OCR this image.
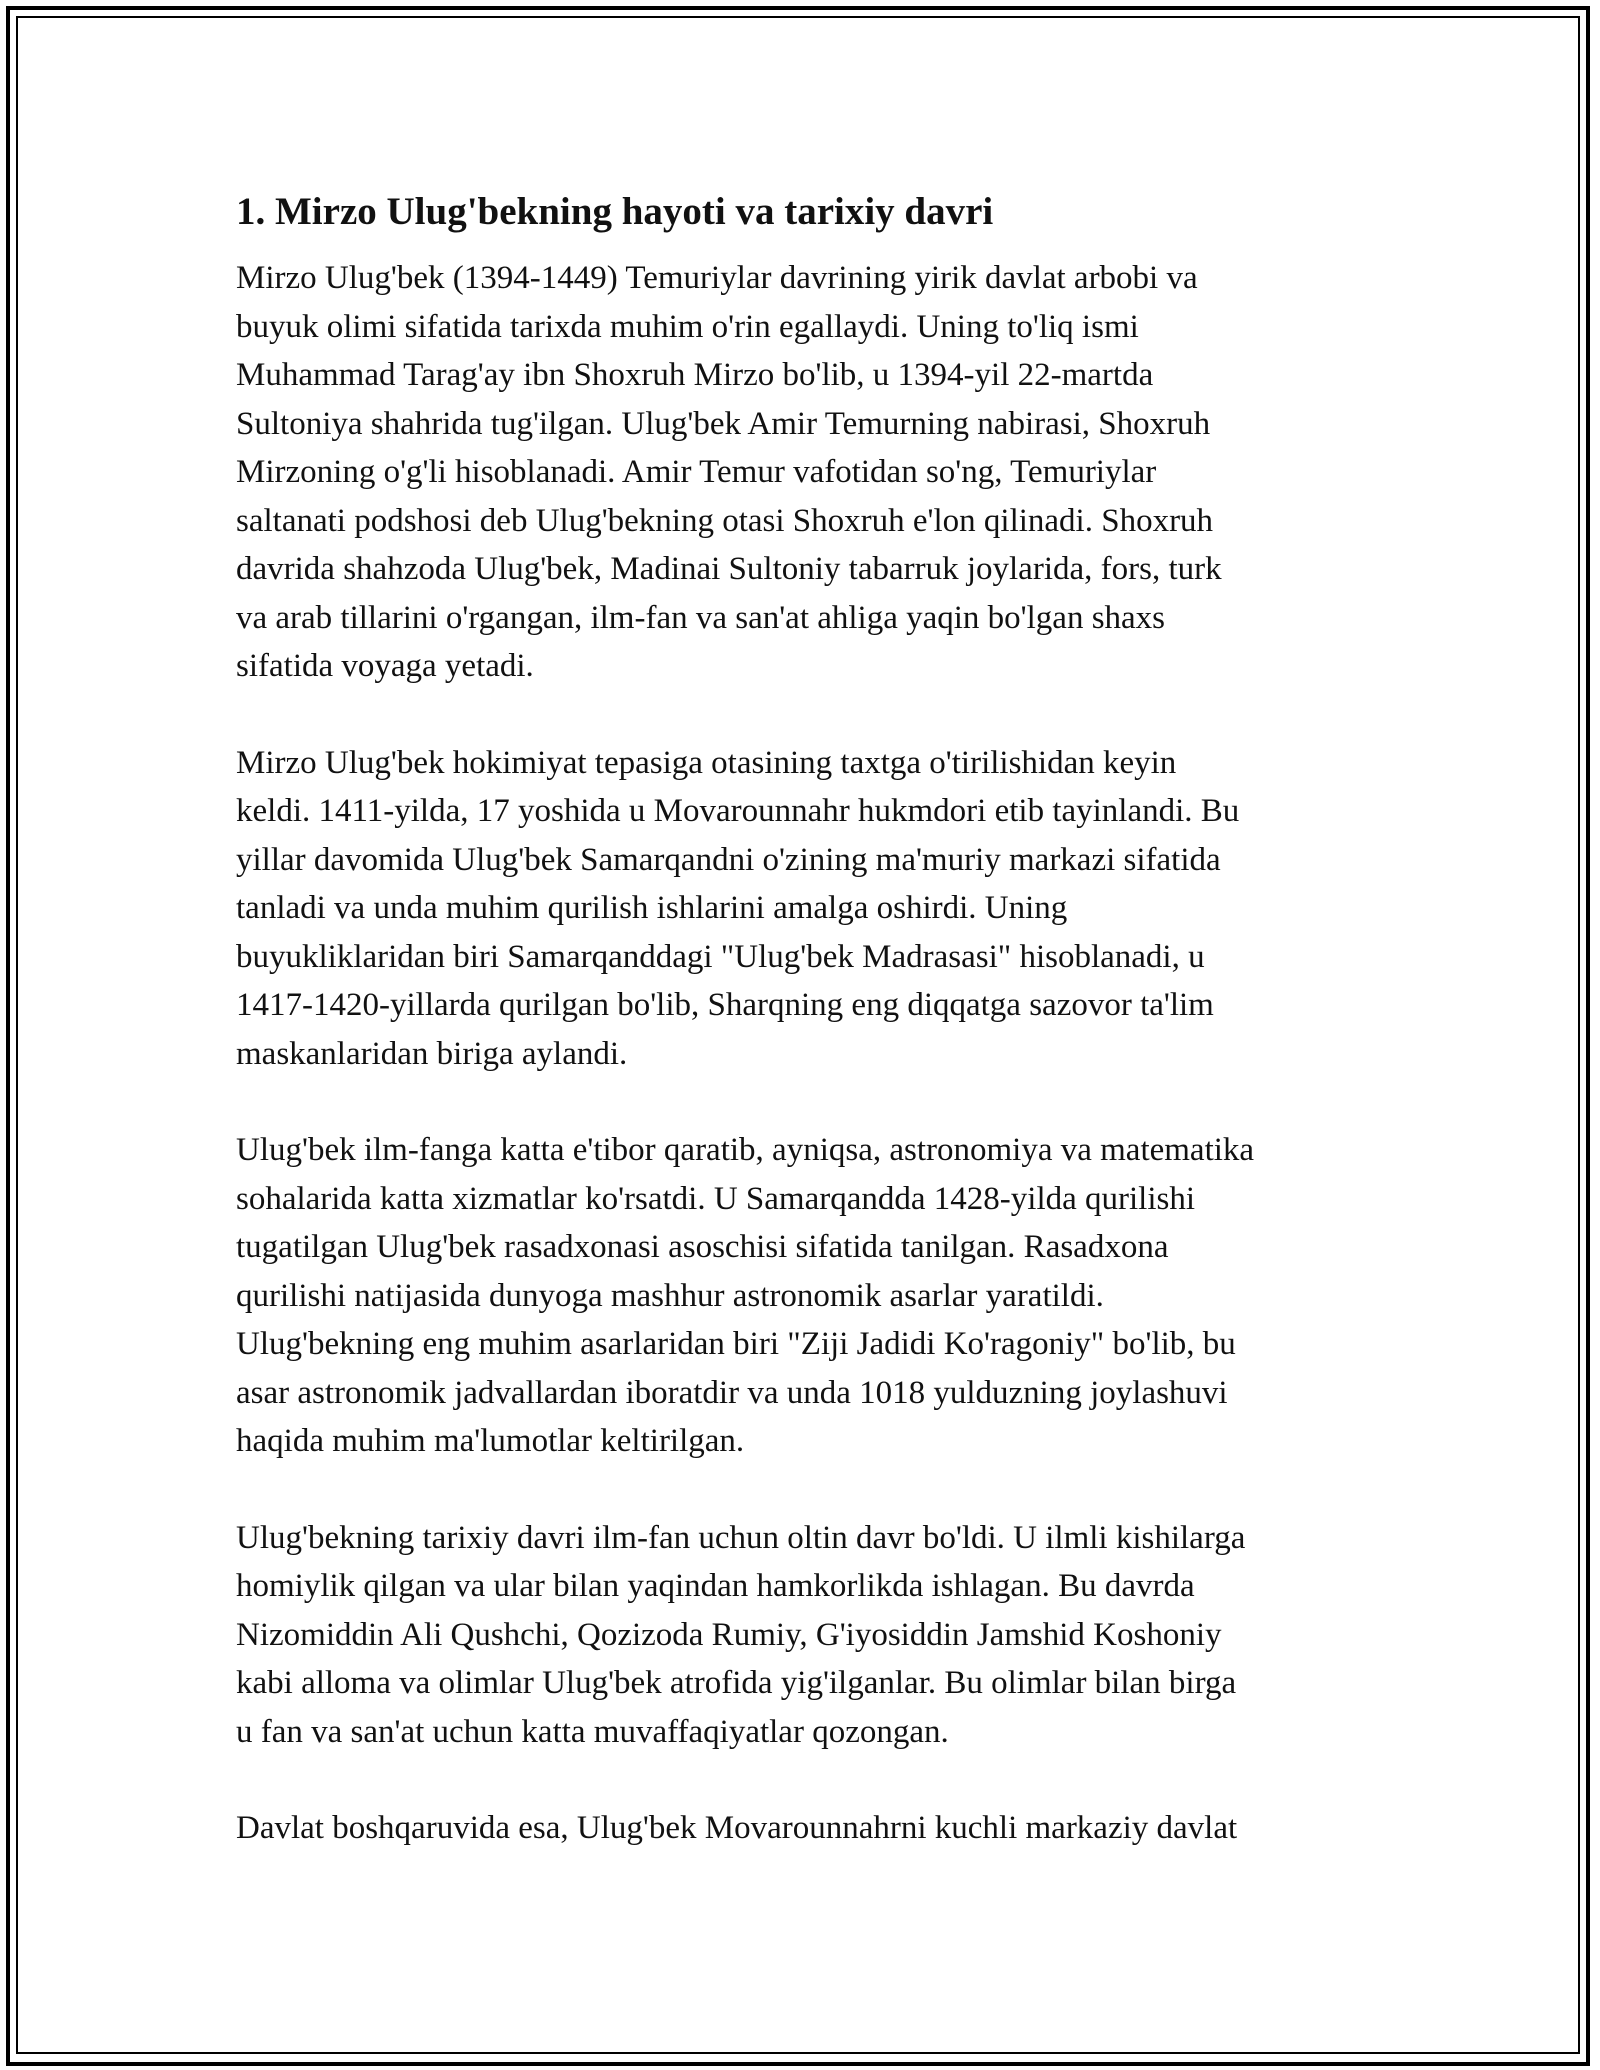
1. Mirzo Ulug'bekning hayoti va tarixiy davri
Mirzo Ulug'bek (1394-1449) Temuriylar davrining yirik davlat arbobi va
buyuk olimi sifatida tarixda muhim o'rin egallaydi. Uning to'liq ismi
Muhammad Tarag'ay ibn Shoxruh Mirzo bo'lib, u 1394-yil 22-martda
Sultoniya shahrida tug'ilgan. Ulug'bek Amir Temurning nabirasi, Shoxruh
Mirzoning o'g'li hisoblanadi. Amir Temur vafotidan so'ng, Temuriylar
saltanati podshosi deb Ulug'bekning otasi Shoxruh e'lon qilinadi. Shoxruh
davrida shahzoda Ulug'bek, Madinai Sultoniy tabarruk joylarida, fors, turk
va arab tillarini o'rgangan, ilm-fan va san'at ahliga yaqin bo'lgan shaxs
sifatida voyaga yetadi.
Mirzo Ulug'bek hokimiyat tepasiga otasining taxtga o'tirilishidan keyin
keldi. 1411-yilda, 17 yoshida u Movarounnahr hukmdori etib tayinlandi. Bu
yillar davomida Ulug'bek Samarqandni o'zining ma'muriy markazi sifatida
tanladi va unda muhim qurilish ishlarini amalga oshirdi. Uning
buyukliklaridan biri Samarqanddagi "Ulug'bek Madrasasi" hisoblanadi, u
1417-1420-yillarda qurilgan bo'lib, Sharqning eng diqqatga sazovor ta'lim
maskanlaridan biriga aylandi.
Ulug'bek ilm-fanga katta e'tibor qaratib, ayniqsa, astronomiya va matematika
sohalarida katta xizmatlar ko'rsatdi. U Samarqandda 1428-yilda qurilishi
tugatilgan Ulug'bek rasadxonasi asoschisi sifatida tanilgan. Rasadxona
qurilishi natijasida dunyoga mashhur astronomik asarlar yaratildi.
Ulug'bekning eng muhim asarlaridan biri "Ziji Jadidi Ko'ragoniy" bo'lib, bu
asar astronomik jadvallardan iboratdir va unda 1018 yulduzning joylashuvi
haqida muhim ma'lumotlar keltirilgan.
Ulug'bekning tarixiy davri ilm-fan uchun oltin davr bo'ldi. U ilmli kishilarga
homiylik qilgan va ular bilan yaqindan hamkorlikda ishlagan. Bu davrda
Nizomiddin Ali Qushchi, Qozizoda Rumiy, G'iyosiddin Jamshid Koshoniy
kabi alloma va olimlar Ulug'bek atrofida yig'ilganlar. Bu olimlar bilan birga
u fan va san'at uchun katta muvaffaqiyatlar qozongan.
Davlat boshqaruvida esa, Ulug'bek Movarounnahrni kuchli markaziy davlat
